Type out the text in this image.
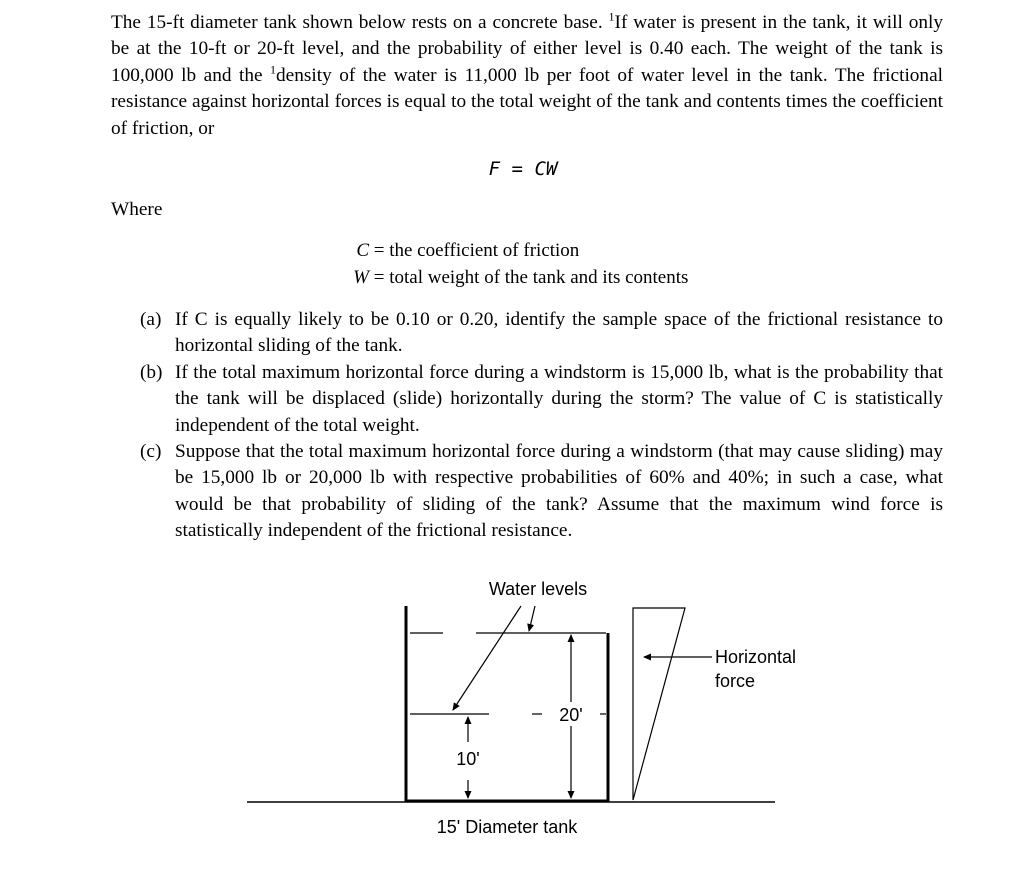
The 15-ft diameter tank shown below rests on a concrete base. $^1$If water is present in the tank, it will only be at the 10-ft or 20-ft level, and the probability of either level is 0.40 each. The weight of the tank is 100,000 lb and the $^1$density of the water is 11,000 lb per foot of water level in the tank. The frictional resistance against horizontal forces is equal to the total weight of the tank and contents times the coefficient of friction, or
F = CW
Where
C = the coefficient of friction
W = total weight of the tank and its contents
(a) If C is equally likely to be 0.10 or 0.20, identify the sample space of the frictional resistance to horizontal sliding of the tank.
(b) If the total maximum horizontal force during a windstorm is 15,000 lb, what is the probability that the tank will be displaced (slide) horizontally during the storm? The value of C is statistically independent of the total weight.
(c) Suppose that the total maximum horizontal force during a windstorm (that may cause sliding) may be 15,000 lb or 20,000 lb with respective probabilities of 60% and 40%; in such a case, what would be that probability of sliding of the tank? Assume that the maximum wind force is statistically independent of the frictional resistance.
20'
10'
Water levels
Horizontal
force
15' Diameter tank
